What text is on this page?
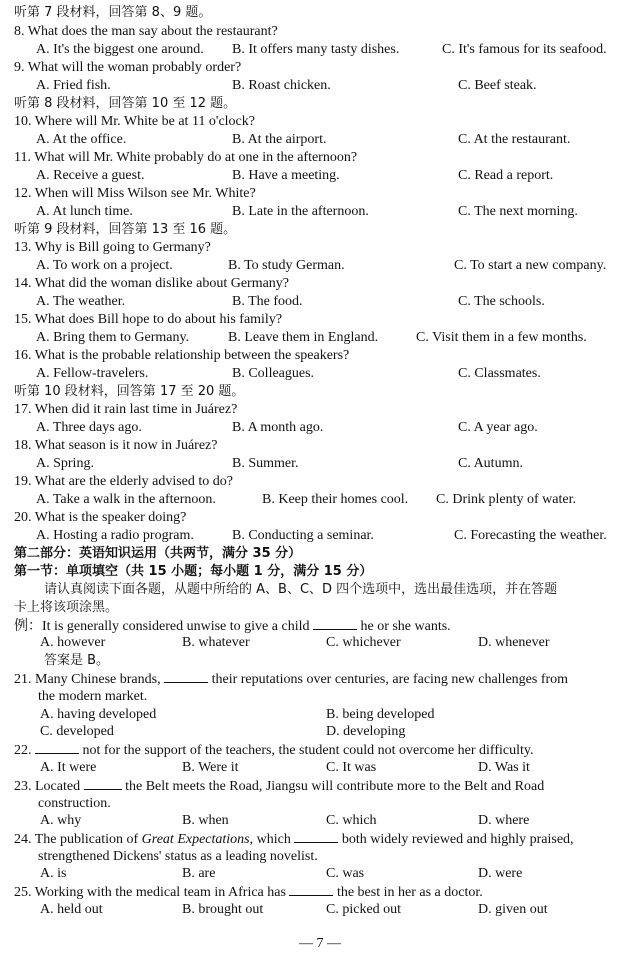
听第 7 段材料，回答第 8、9 题。
8. What does the man say about the restaurant?
A. It's the biggest one around. B. It offers many tasty dishes.	C. It's famous for its seafood.
9. What will the woman probably order?
A. Fried fish.	B. Roast chicken.	C. Beef steak.
听第 8 段材料，回答第 10 至 12 题。
10. Where will Mr. White be at 11 o'clock?
A. At the office.	B. At the airport.	C. At the restaurant.
11. What will Mr. White probably do at one in the afternoon?
A. Receive a guest.	B. Have a meeting.	C. Read a report.
12. When will Miss Wilson see Mr. White?
A. At lunch time.	B. Late in the afternoon.	C. The next morning.
听第 9 段材料，回答第 13 至 16 题。
13. Why is Bill going to Germany?
A. To work on a project.	B. To study German.	C. To start a new company.
14. What did the woman dislike about Germany?
A. The weather.	B. The food.	C. The schools.
15. What does Bill hope to do about his family?
A. Bring them to Germany.	B. Leave them in England.	C. Visit them in a few months.
16. What is the probable relationship between the speakers?
A. Fellow-travelers.	B. Colleagues.	C. Classmates.
听第 10 段材料，回答第 17 至 20 题。
17. When did it rain last time in Juárez?
A. Three days ago.	B. A month ago.	C. A year ago.
18. What season is it now in Juárez?
A. Spring.	B. Summer.	C. Autumn.
19. What are the elderly advised to do?
A. Take a walk in the afternoon.	B. Keep their homes cool. C. Drink plenty of water.
20. What is the speaker doing?
A. Hosting a radio program.	B. Conducting a seminar.	C. Forecasting the weather.
第二部分：英语知识运用（共两节，满分 35 分）
第一节：单项填空（共 15 小题；每小题 1 分，满分 15 分）
请认真阅读下面各题，从题中所给的 A、B、C、D 四个选项中，选出最佳选项，并在答题
卡上将该项涂黑。
例：It is generally considered unwise to give a child	he or she wants.
A. however	B. whatever	C. whichever	D. whenever
答案是 B。
21. Many Chinese brands,	their reputations over centuries, are facing new challenges from
the modern market.
A. having developed	B. being developed
C. developed	D. developing
22.	not for the support of the teachers, the student could not overcome her difficulty.
A. It were	B. Were it	C. It was	D. Was it
23. Located	the Belt meets the Road, Jiangsu will contribute more to the Belt and Road
construction.
A. why	B. when	C. which	D. where
24. The publication of Great Expectations, which	both widely reviewed and highly praised,
strengthened Dickens' status as a leading novelist.
A. is	B. are	C. was	D. were
25. Working with the medical team in Africa has	the best in her as a doctor.
A. held out	B. brought out	C. picked out	D. given out
— 7 —
